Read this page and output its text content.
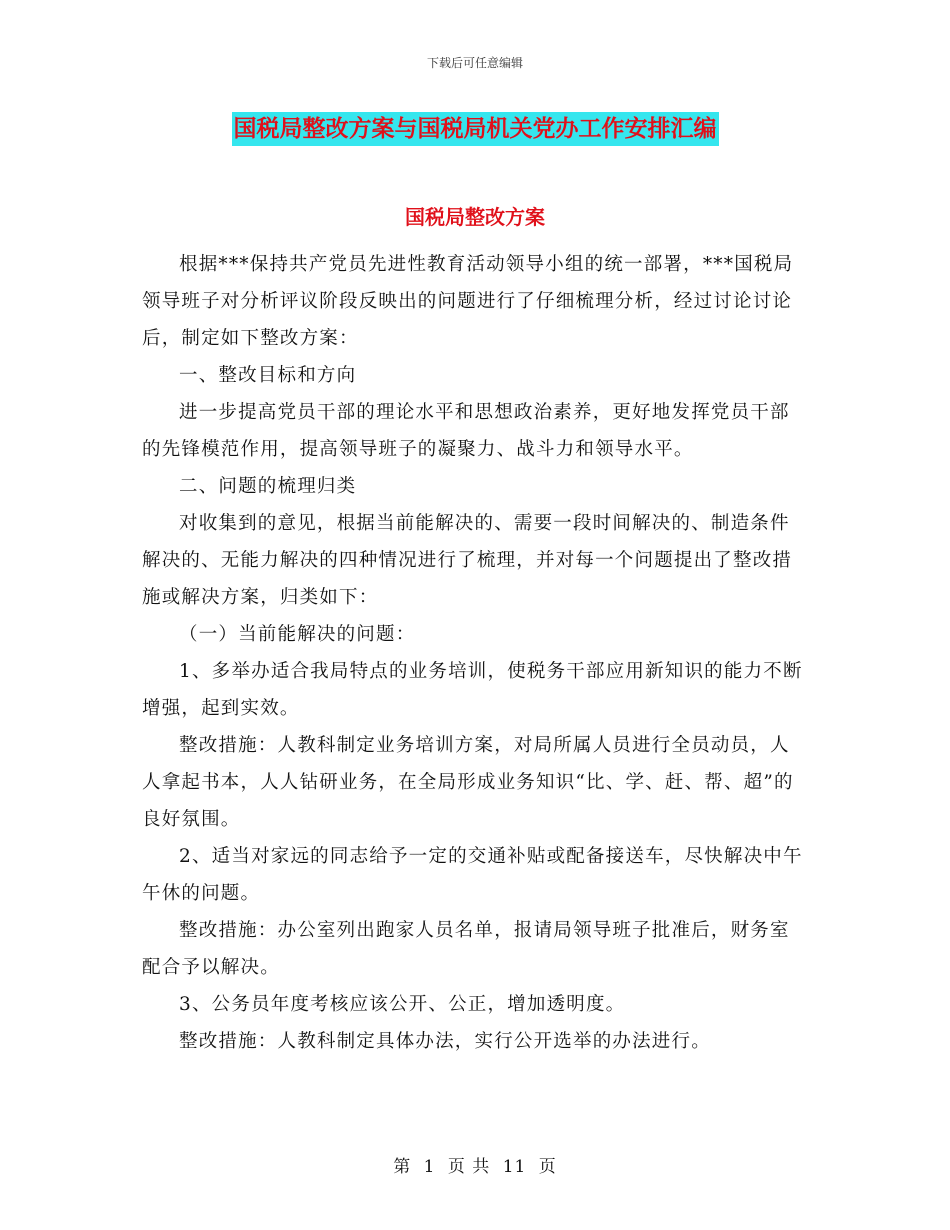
下载后可任意编辑
国税局整改方案与国税局机关党办工作安排汇编
国税局整改方案

根据***保持共产党员先进性教育活动领导小组的统一部署，***国税局领导班子对分析评议阶段反映出的问题进行了仔细梳理分析，经过讨论讨论后，制定如下整改方案：

一、整改目标和方向

进一步提高党员干部的理论水平和思想政治素养，更好地发挥党员干部的先锋模范作用，提高领导班子的凝聚力、战斗力和领导水平。

二、问题的梳理归类

对收集到的意见，根据当前能解决的、需要一段时间解决的、制造条件解决的、无能力解决的四种情况进行了梳理，并对每一个问题提出了整改措施或解决方案，归类如下：

（一）当前能解决的问题：

1、多举办适合我局特点的业务培训，使税务干部应用新知识的能力不断增强，起到实效。

整改措施：人教科制定业务培训方案，对局所属人员进行全员动员，人人拿起书本，人人钻研业务，在全局形成业务知识“比、学、赶、帮、超”的良好氛围。

2、适当对家远的同志给予一定的交通补贴或配备接送车，尽快解决中午午休的问题。

整改措施：办公室列出跑家人员名单，报请局领导班子批准后，财务室配合予以解决。

3、公务员年度考核应该公开、公正，增加透明度。

整改措施：人教科制定具体办法，实行公开选举的办法进行。

第 1 页 共 11 页
